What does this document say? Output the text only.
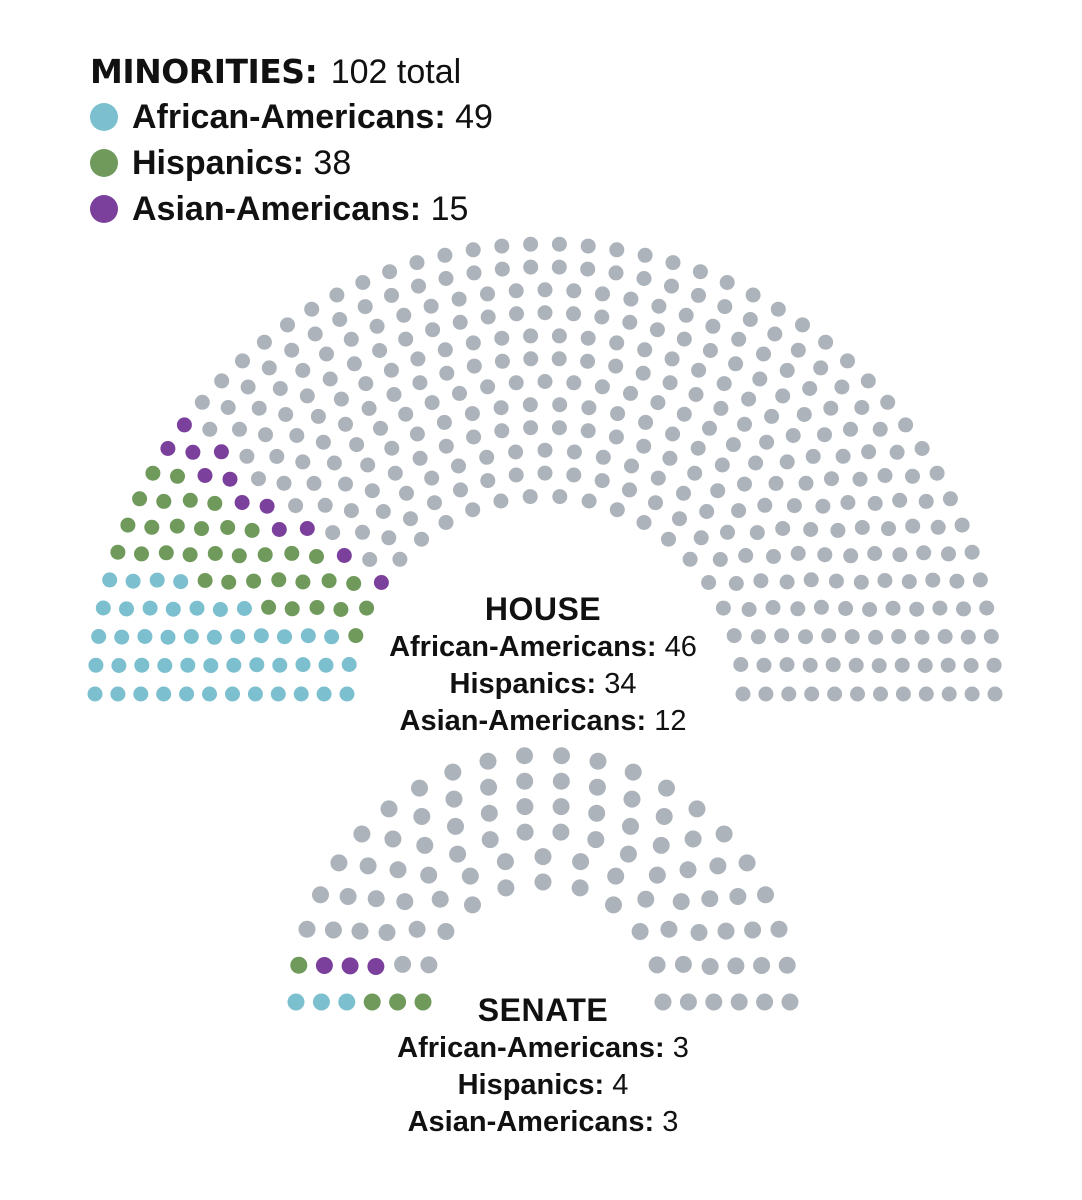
MINORITIES: 102 total
African-Americans:
49
Hispanics:
38
Asian-Americans:
15
HOUSE
African-Americans: 46
Hispanics: 34
Asian-Americans: 12
SENATE
African-Americans: 3
Hispanics: 4
Asian-Americans: 3
